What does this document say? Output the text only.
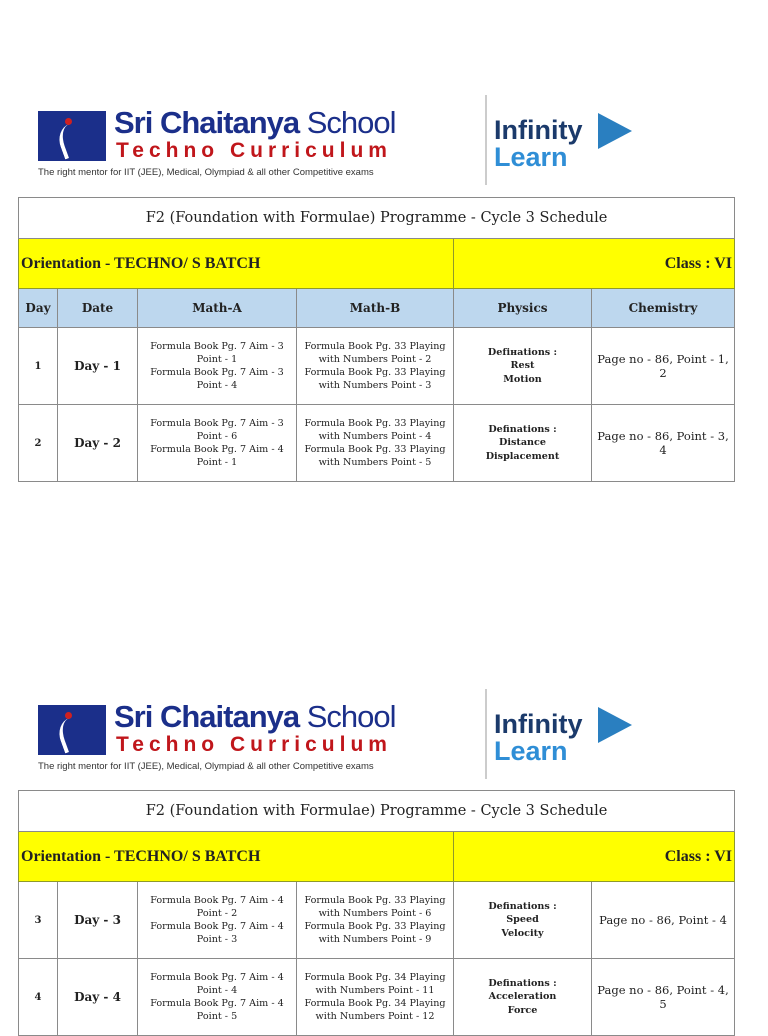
Sri Chaitanya School
Techno Curriculum
The right mentor for IIT (JEE), Medical, Olympiad & all other Competitive exams
Infinity
Learn
F2 (Foundation with Formulae) Programme - Cycle 3 Schedule					
Orientation - TECHNO/ S BATCH				Class : VI	
Day	Date	Math-A	Math-B	Physics	Chemistry
1	Day - 1	Formula Book Pg. 7 Aim - 3
Point - 1
Formula Book Pg. 7 Aim - 3
Point - 4	Formula Book Pg. 33 Playing
with Numbers Point - 2
Formula Book Pg. 33 Playing
with Numbers Point - 3	Defінations :
Rest
Motion	Page no - 86, Point - 1, 2
2	Day - 2	Formula Book Pg. 7 Aim - 3
Point - 6
Formula Book Pg. 7 Aim - 4
Point - 1	Formula Book Pg. 33 Playing
with Numbers Point - 4
Formula Book Pg. 33 Playing
with Numbers Point - 5	Definations :
Distance
Displacement	Page no - 86, Point - 3, 4
Sri Chaitanya School
Techno Curriculum
The right mentor for IIT (JEE), Medical, Olympiad & all other Competitive exams
Infinity
Learn
F2 (Foundation with Formulae) Programme - Cycle 3 Schedule					
Orientation - TECHNO/ S BATCH				Class : VI	
3	Day - 3	Formula Book Pg. 7 Aim - 4
Point - 2
Formula Book Pg. 7 Aim - 4
Point - 3	Formula Book Pg. 33 Playing
with Numbers Point - 6
Formula Book Pg. 33 Playing
with Numbers Point - 9	Definations :
Speed
Velocity	Page no - 86, Point - 4
4	Day - 4	Formula Book Pg. 7 Aim - 4
Point - 4
Formula Book Pg. 7 Aim - 4
Point - 5	Formula Book Pg. 34 Playing
with Numbers Point - 11
Formula Book Pg. 34 Playing
with Numbers Point - 12	Definations :
Acceleration
Force	Page no - 86, Point - 4, 5
